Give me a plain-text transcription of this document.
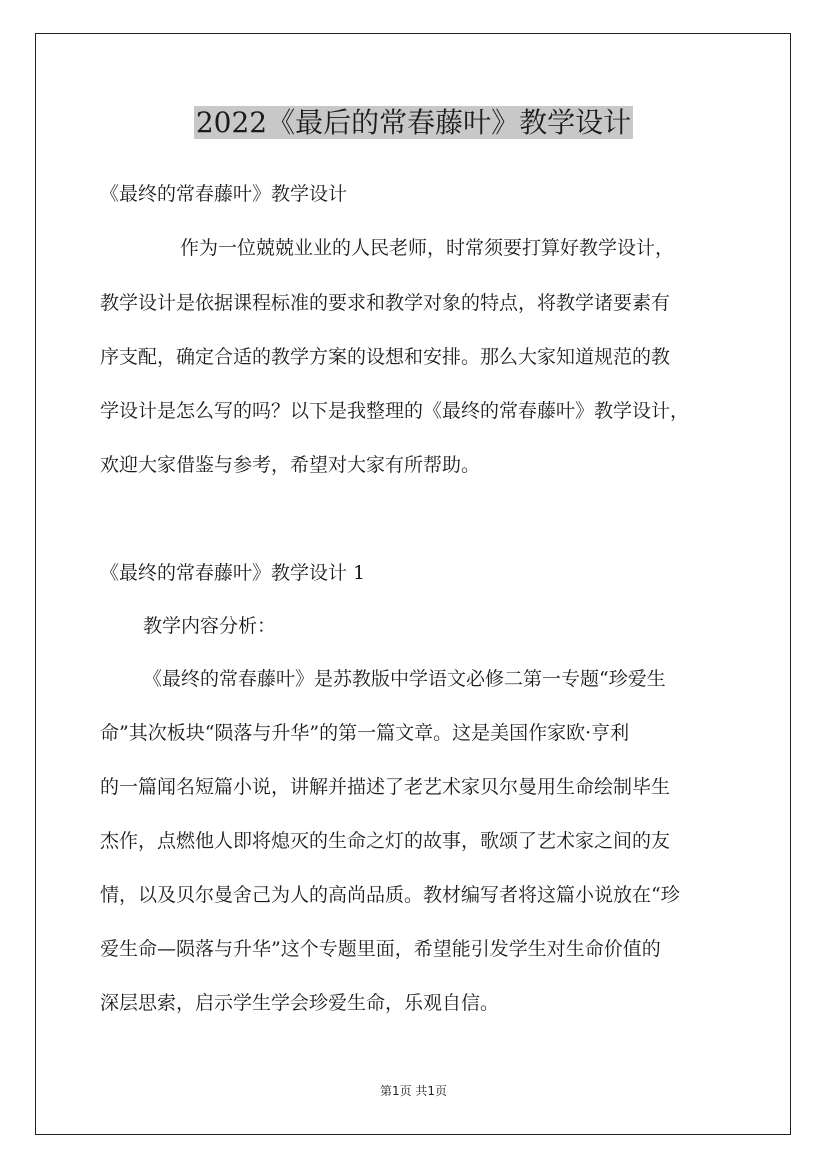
2022《最后的常春藤叶》教学设计
《最终的常春藤叶》教学设计
作为一位兢兢业业的人民老师，时常须要打算好教学设计，
教学设计是依据课程标准的要求和教学对象的特点，将教学诸要素有
序支配，确定合适的教学方案的设想和安排。那么大家知道规范的教
学设计是怎么写的吗？以下是我整理的《最终的常春藤叶》教学设计，
欢迎大家借鉴与参考，希望对大家有所帮助。
《最终的常春藤叶》教学设计 1
教学内容分析：
《最终的常春藤叶》是苏教版中学语文必修二第一专题“珍爱生
命”其次板块“陨落与升华”的第一篇文章。这是美国作家欧·亨利
的一篇闻名短篇小说，讲解并描述了老艺术家贝尔曼用生命绘制毕生
杰作，点燃他人即将熄灭的生命之灯的故事，歌颂了艺术家之间的友
情，以及贝尔曼舍己为人的高尚品质。教材编写者将这篇小说放在“珍
爱生命—陨落与升华”这个专题里面，希望能引发学生对生命价值的
深层思索，启示学生学会珍爱生命，乐观自信。
第1页 共1页
